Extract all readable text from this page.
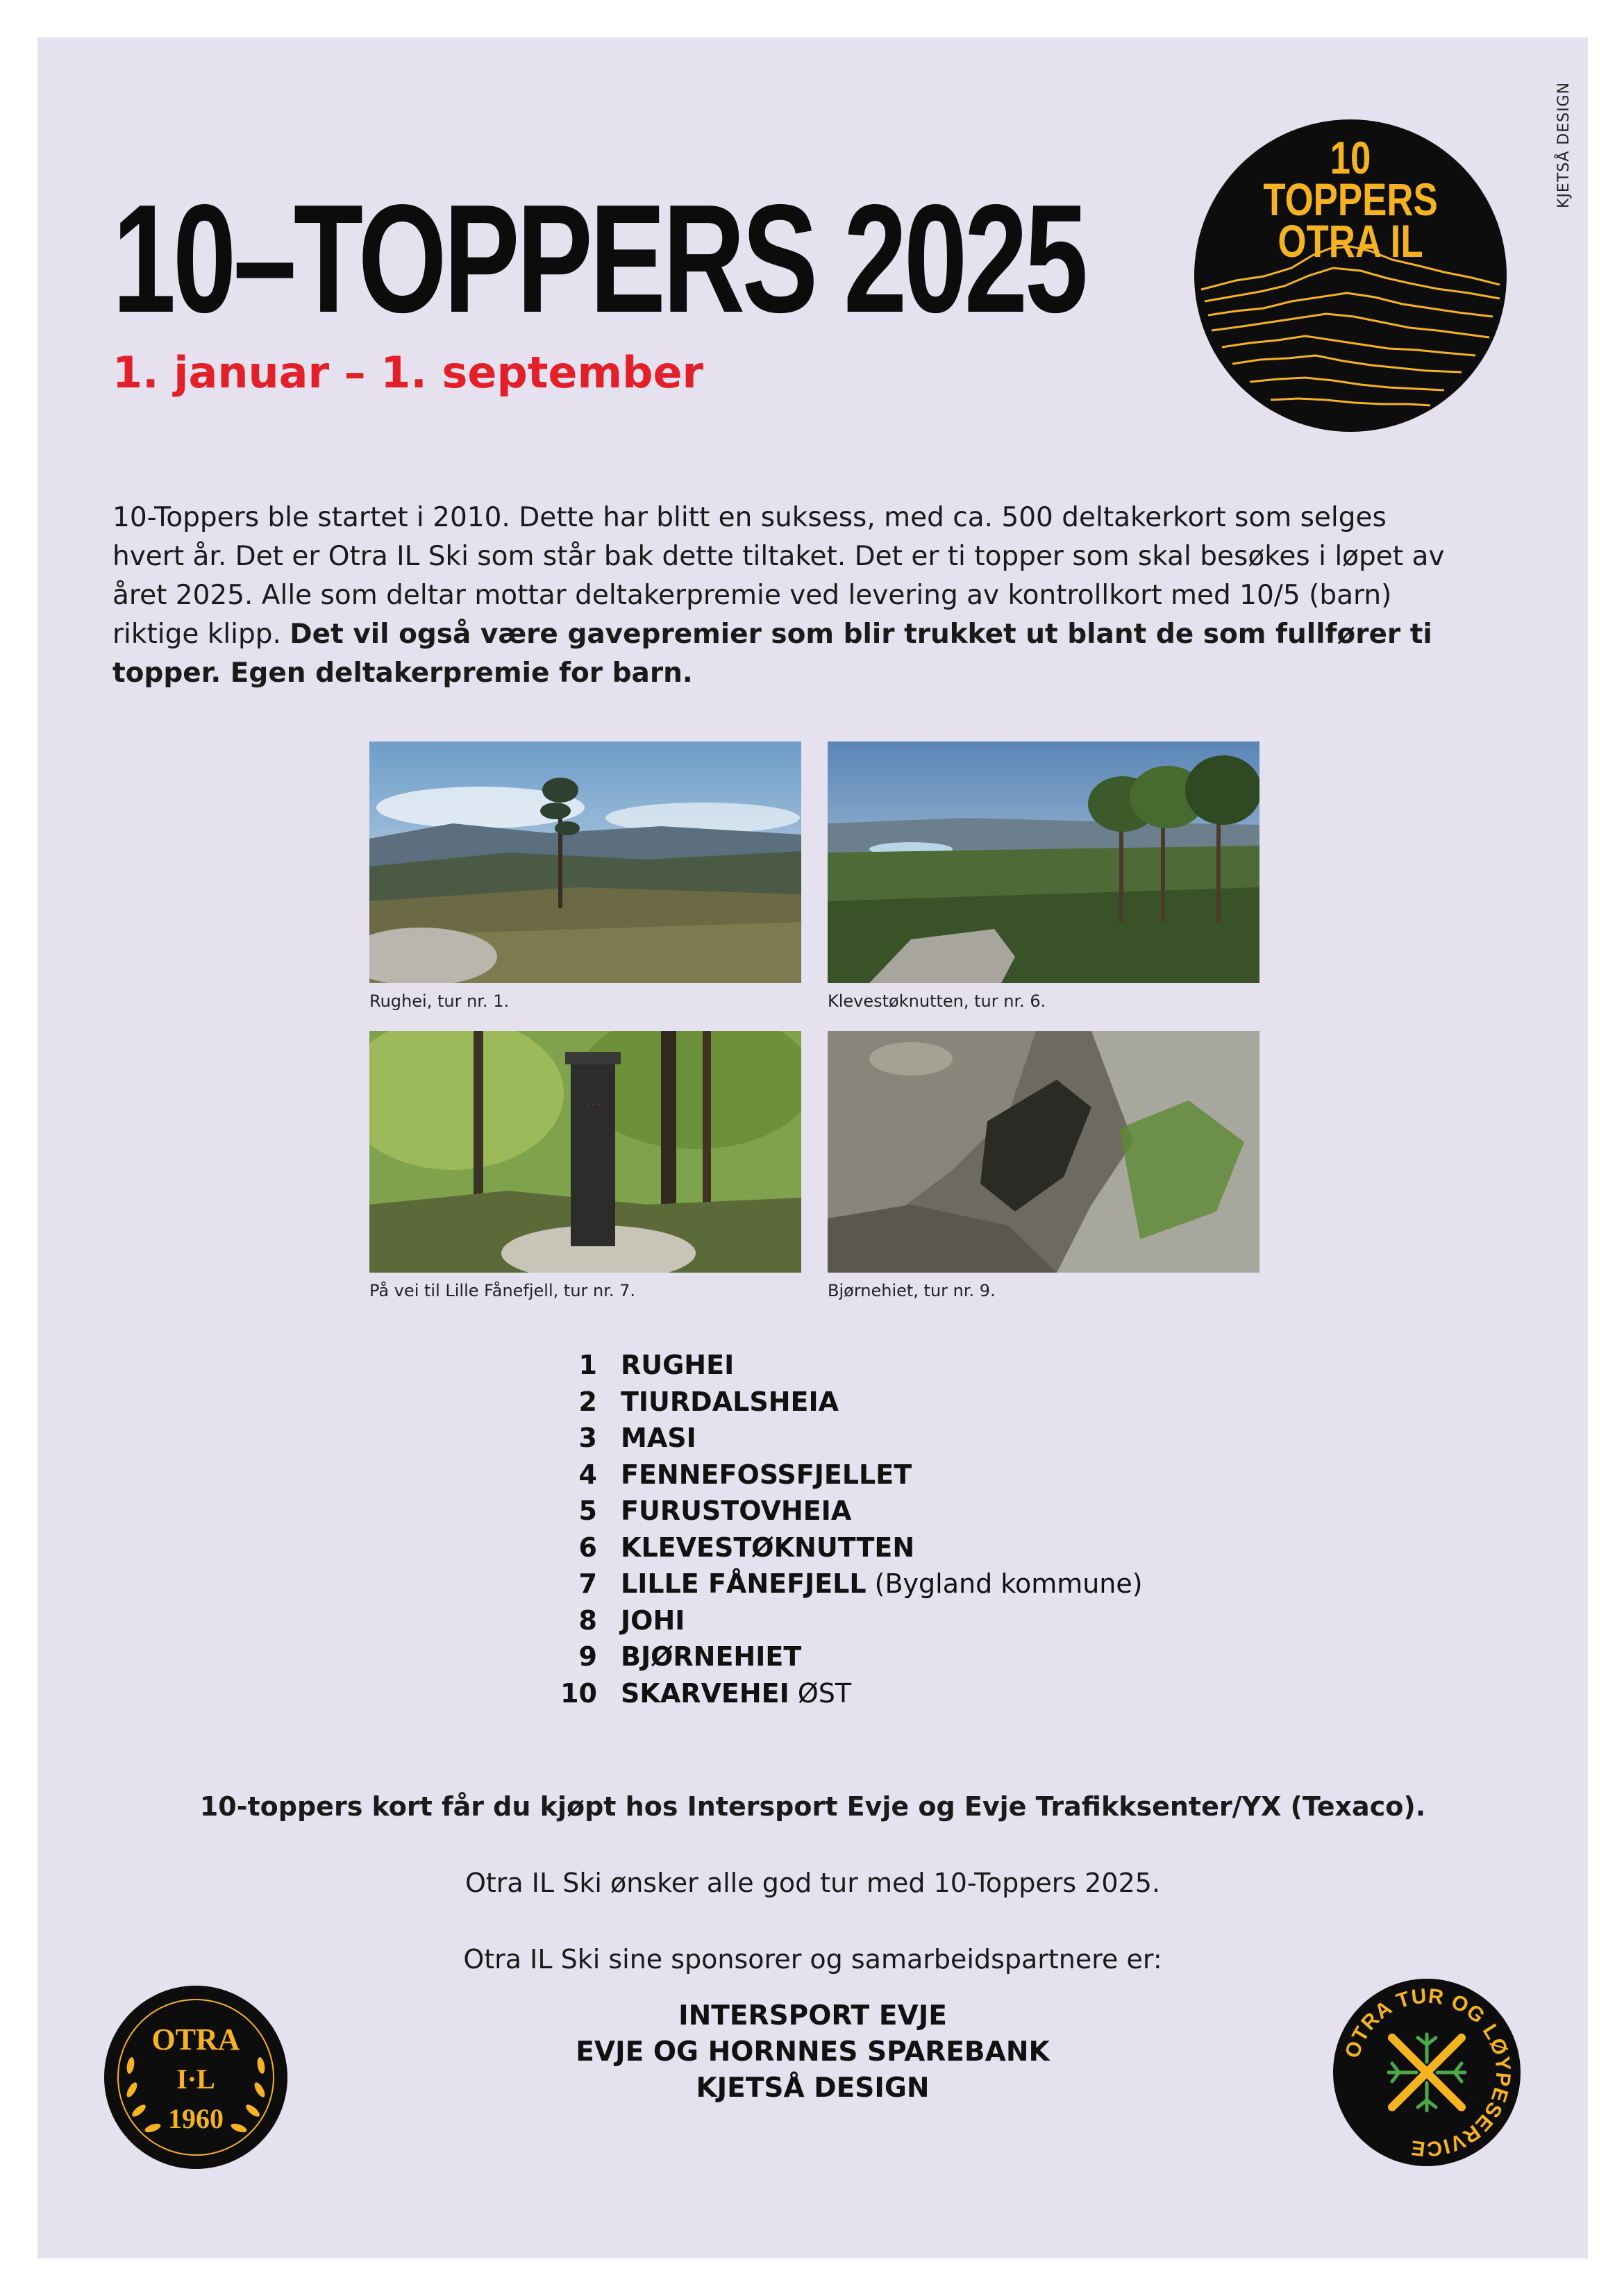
KJETSÅ DESIGN
10–TOPPERS 2025
1. januar – 1. september
10
TOPPERS
OTRA IL
10-Toppers ble startet i 2010. Dette har blitt en suksess, med ca. 500 deltakerkort som selges hvert år. Det er Otra IL Ski som står bak dette tiltaket. Det er ti topper som skal besøkes i løpet av året 2025. Alle som deltar mottar deltakerpremie ved levering av kontrollkort med 10/5 (barn) riktige klipp. Det vil også være gavepremier som blir trukket ut blant de som fullfører ti topper. Egen deltakerpremie for barn.
Rughei, tur nr. 1.	Klevestøknutten, tur nr. 6.
· · ·
På vei til Lille Fånefjell, tur nr. 7.	Bjørnehiet, tur nr. 9.
1 RUGHEI
2 TIURDALSHEIA
3 MASI
4 FENNEFOSSFJELLET
5 FURUSTOVHEIA
6 KLEVESTØKNUTTEN
7 LILLE FÅNEFJELL (Bygland kommune)
8 JOHI
9 BJØRNEHIET
10 SKARVEHEI ØST
10-toppers kort får du kjøpt hos Intersport Evje og Evje Trafikksenter/YX (Texaco).
Otra IL Ski ønsker alle god tur med 10-Toppers 2025.
Otra IL Ski sine sponsorer og samarbeidspartnere er:
INTERSPORT EVJE
EVJE OG HORNNES SPAREBANK
KJETSÅ DESIGN
OTRA
I·L
1960
OTRA TUR OG LØYPESERVICE
